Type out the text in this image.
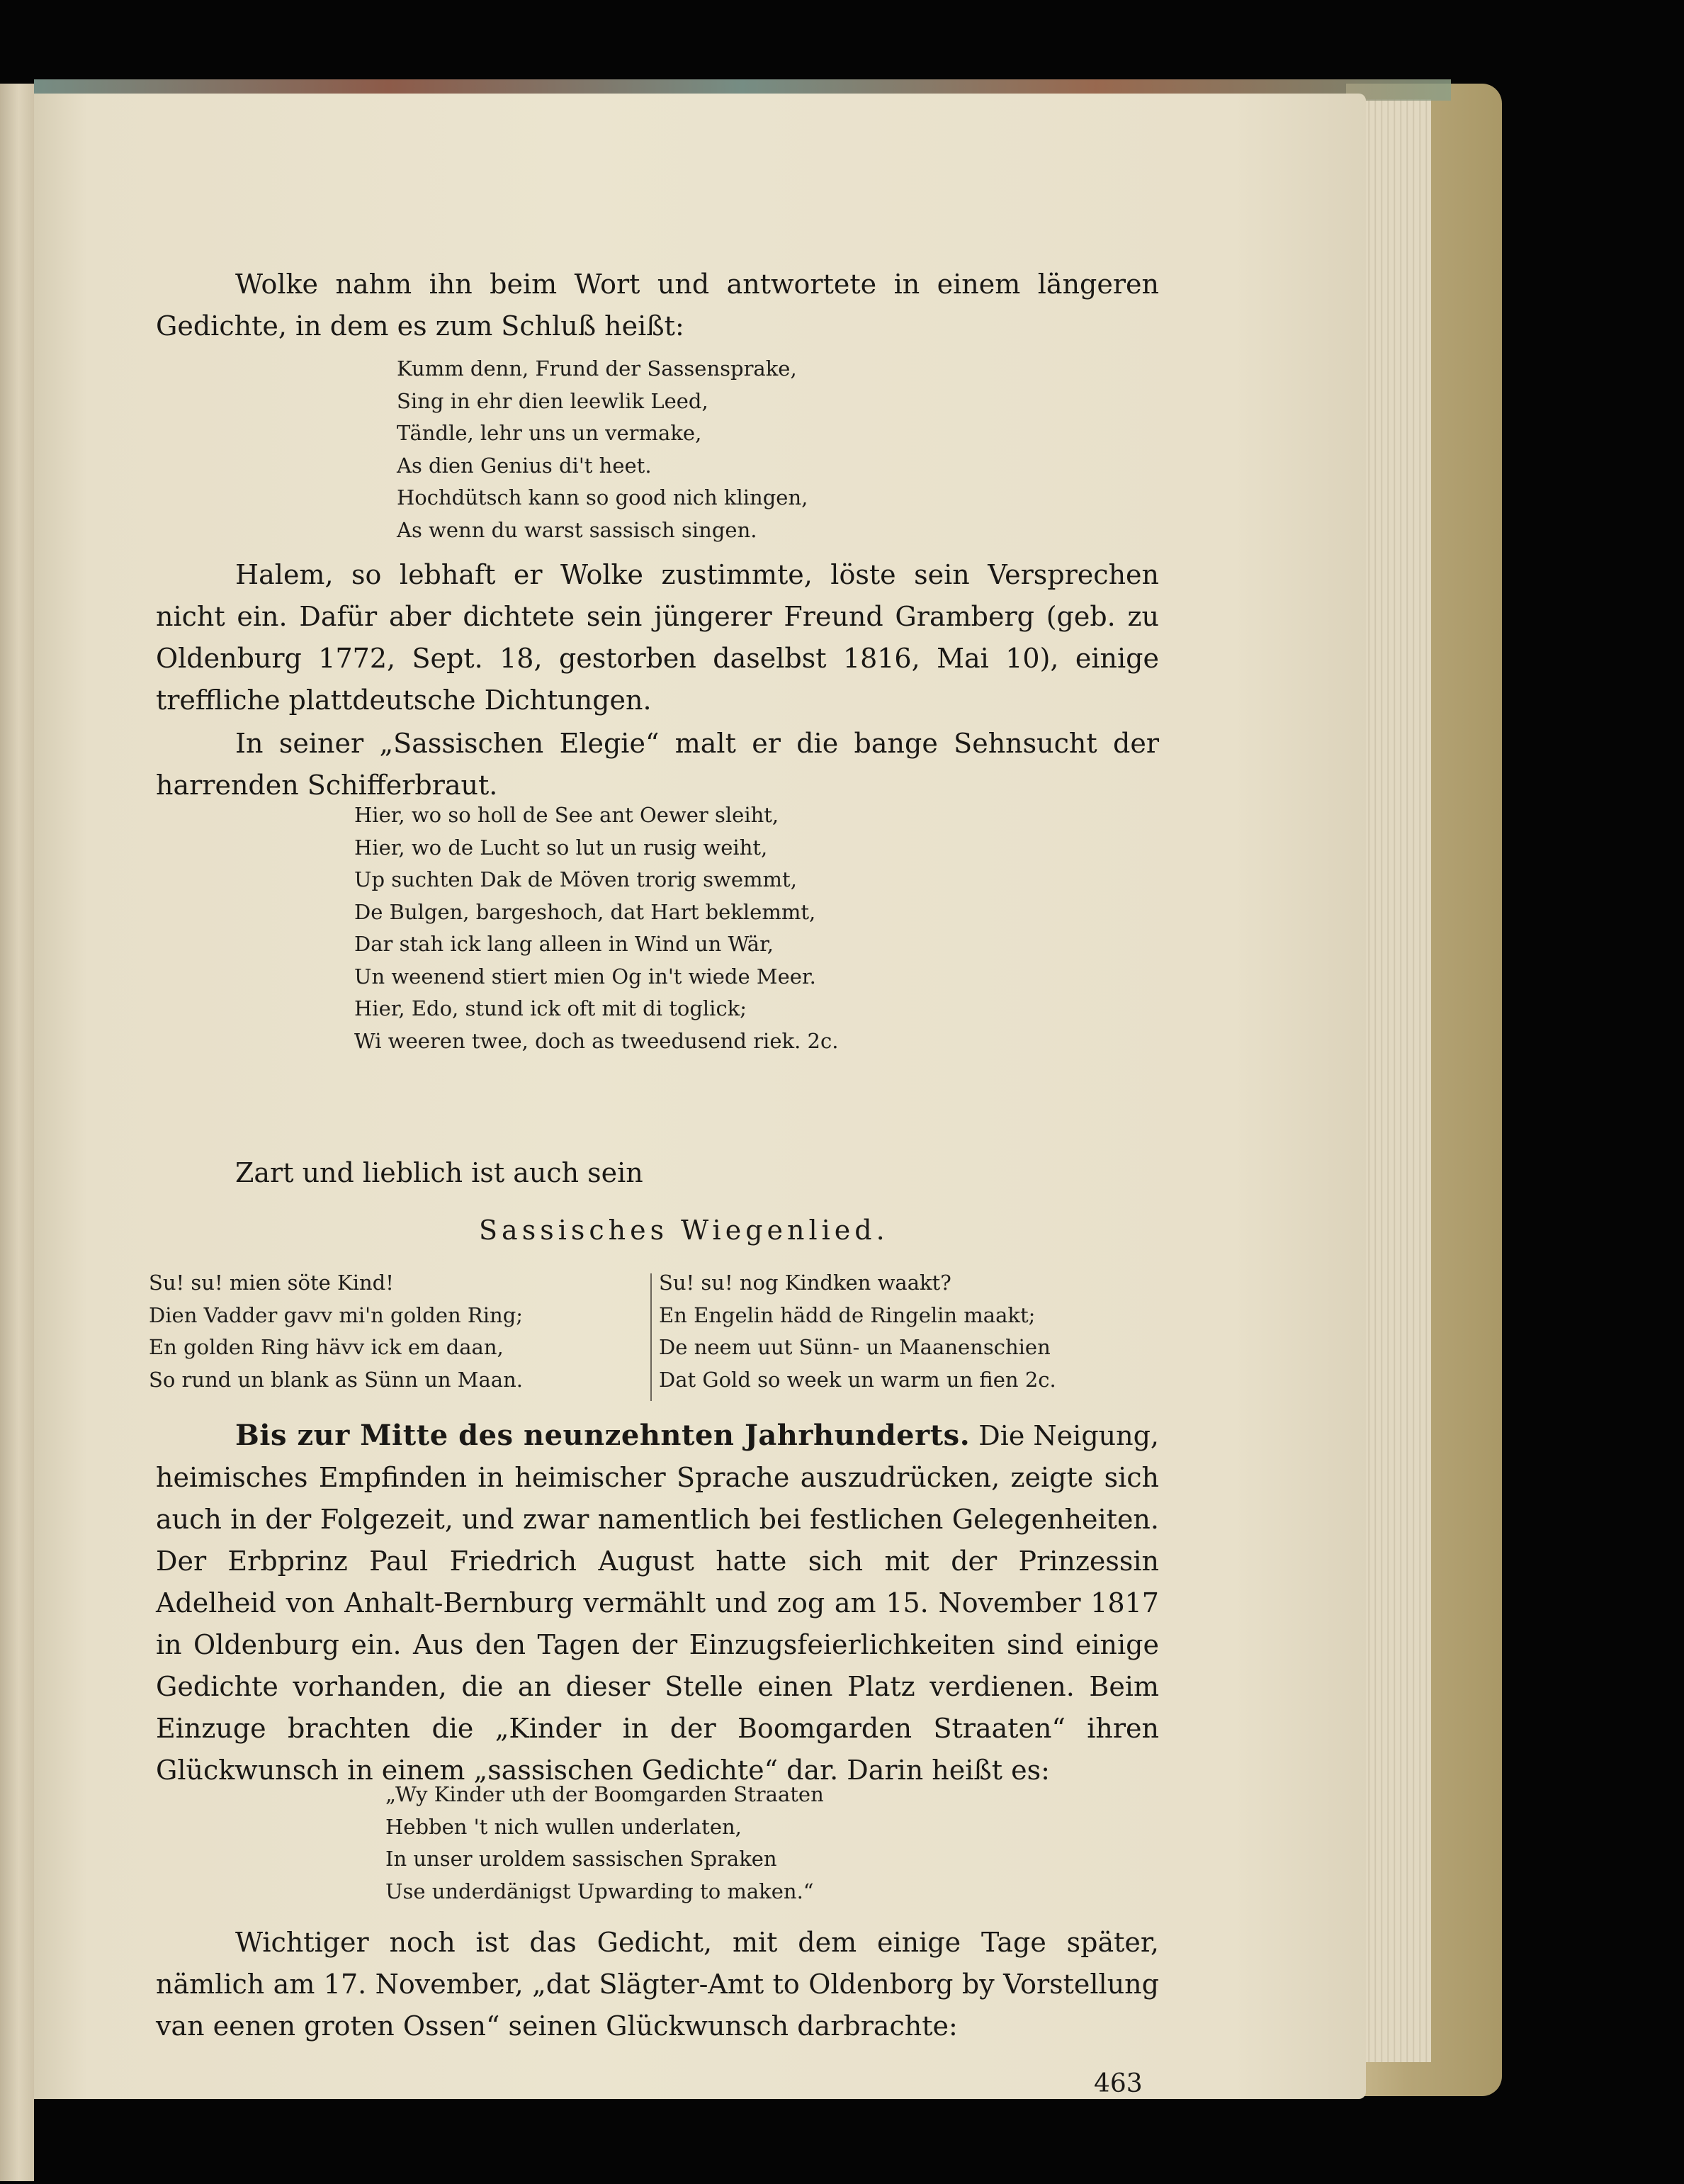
Wolke nahm ihn beim Wort und antwortete in einem längeren Gedichte, in dem es zum Schluß heißt:

Kumm denn, Frund der Sassensprake,
Sing in ehr dien leewlik Leed,
Tändle, lehr uns un vermake,
As dien Genius di't heet.
Hochdütsch kann so good nich klingen,
As wenn du warst sassisch singen.

Halem, so lebhaft er Wolke zustimmte, löste sein Versprechen nicht ein. Dafür aber dichtete sein jüngerer Freund Gramberg (geb. zu Oldenburg 1772, Sept. 18, gestorben daselbst 1816, Mai 10), einige treffliche plattdeutsche Dichtungen.

In seiner „Sassischen Elegie“ malt er die bange Sehnsucht der harrenden Schifferbraut.

Hier, wo so holl de See ant Oewer sleiht,
Hier, wo de Lucht so lut un rusig weiht,
Up suchten Dak de Möven trorig swemmt,
De Bulgen, bargeshoch, dat Hart beklemmt,
Dar stah ick lang alleen in Wind un Wär,
Un weenend stiert mien Og in't wiede Meer.
Hier, Edo, stund ick oft mit di toglick;
Wi weeren twee, doch as tweedusend riek. 2c.

Zart und lieblich ist auch sein

Sassisches Wiegenlied.
Su! su! mien söte Kind!
Dien Vadder gavv mi'n golden Ring;
En golden Ring hävv ick em daan,
So rund un blank as Sünn un Maan.
Su! su! nog Kindken waakt?
En Engelin hädd de Ringelin maakt;
De neem uut Sünn- un Maanenschien
Dat Gold so week un warm un fien 2c.

Bis zur Mitte des neunzehnten Jahrhunderts. Die Neigung, heimisches Empfinden in heimischer Sprache auszudrücken, zeigte sich auch in der Folgezeit, und zwar namentlich bei festlichen Gelegenheiten. Der Erbprinz Paul Friedrich August hatte sich mit der Prinzessin Adelheid von Anhalt-Bernburg vermählt und zog am 15. November 1817 in Oldenburg ein. Aus den Tagen der Einzugsfeierlichkeiten sind einige Gedichte vorhanden, die an dieser Stelle einen Platz verdienen. Beim Einzuge brachten die „Kinder in der Boomgarden Straaten“ ihren Glückwunsch in einem „sassischen Gedichte“ dar. Darin heißt es:

„Wy Kinder uth der Boomgarden Straaten
Hebben 't nich wullen underlaten,
In unser uroldem sassischen Spraken
Use underdänigst Upwarding to maken.“

Wichtiger noch ist das Gedicht, mit dem einige Tage später, nämlich am 17. November, „dat Slägter-Amt to Oldenborg by Vorstellung van eenen groten Ossen“ seinen Glückwunsch darbrachte:

463
